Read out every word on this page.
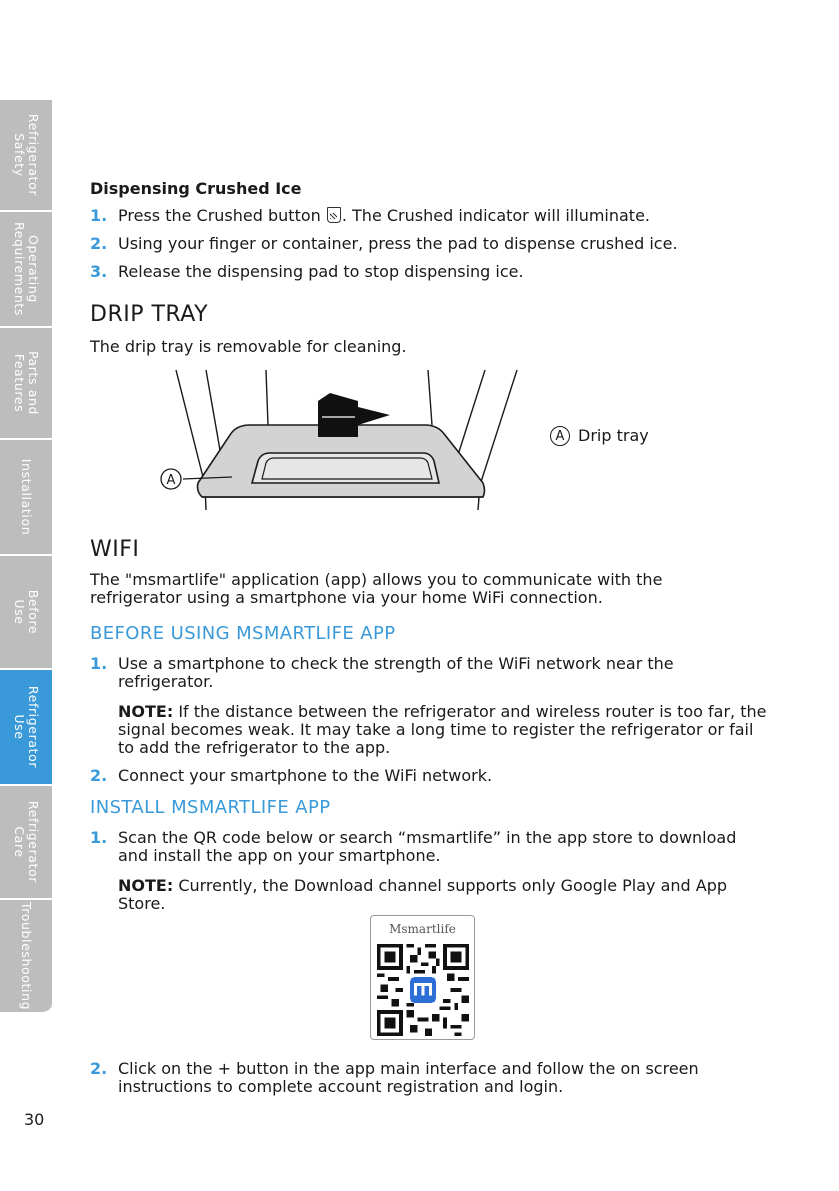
Refrigerator
Safety
Operating
Requirements
Parts and
Features
Installation
Before
Use
Refrigerator
Use
Refrigerator
Care
Troubleshooting
Dispensing Crushed Ice
1. Press the Crushed button . The Crushed indicator will illuminate.
2. Using your finger or container, press the pad to dispense crushed ice.
3. Release the dispensing pad to stop dispensing ice.
DRIP TRAY
The drip tray is removable for cleaning.
WIFI
The "msmartlife" application (app) allows you to communicate with the refrigerator using a smartphone via your home WiFi connection.
BEFORE USING MSMARTLIFE APP
1. Use a smartphone to check the strength of the WiFi network near the refrigerator.
NOTE: If the distance between the refrigerator and wireless router is too far, the signal becomes weak. It may take a long time to register the refrigerator or fail to add the refrigerator to the app.
2. Connect your smartphone to the WiFi network.
INSTALL MSMARTLIFE APP
1. Scan the QR code below or search “msmartlife” in the app store to download and install the app on your smartphone.
NOTE: Currently, the Download channel supports only Google Play and App Store.
2. Click on the + button in the app main interface and follow the on screen instructions to complete account registration and login.
A
A Drip tray
Msmartlife
30
